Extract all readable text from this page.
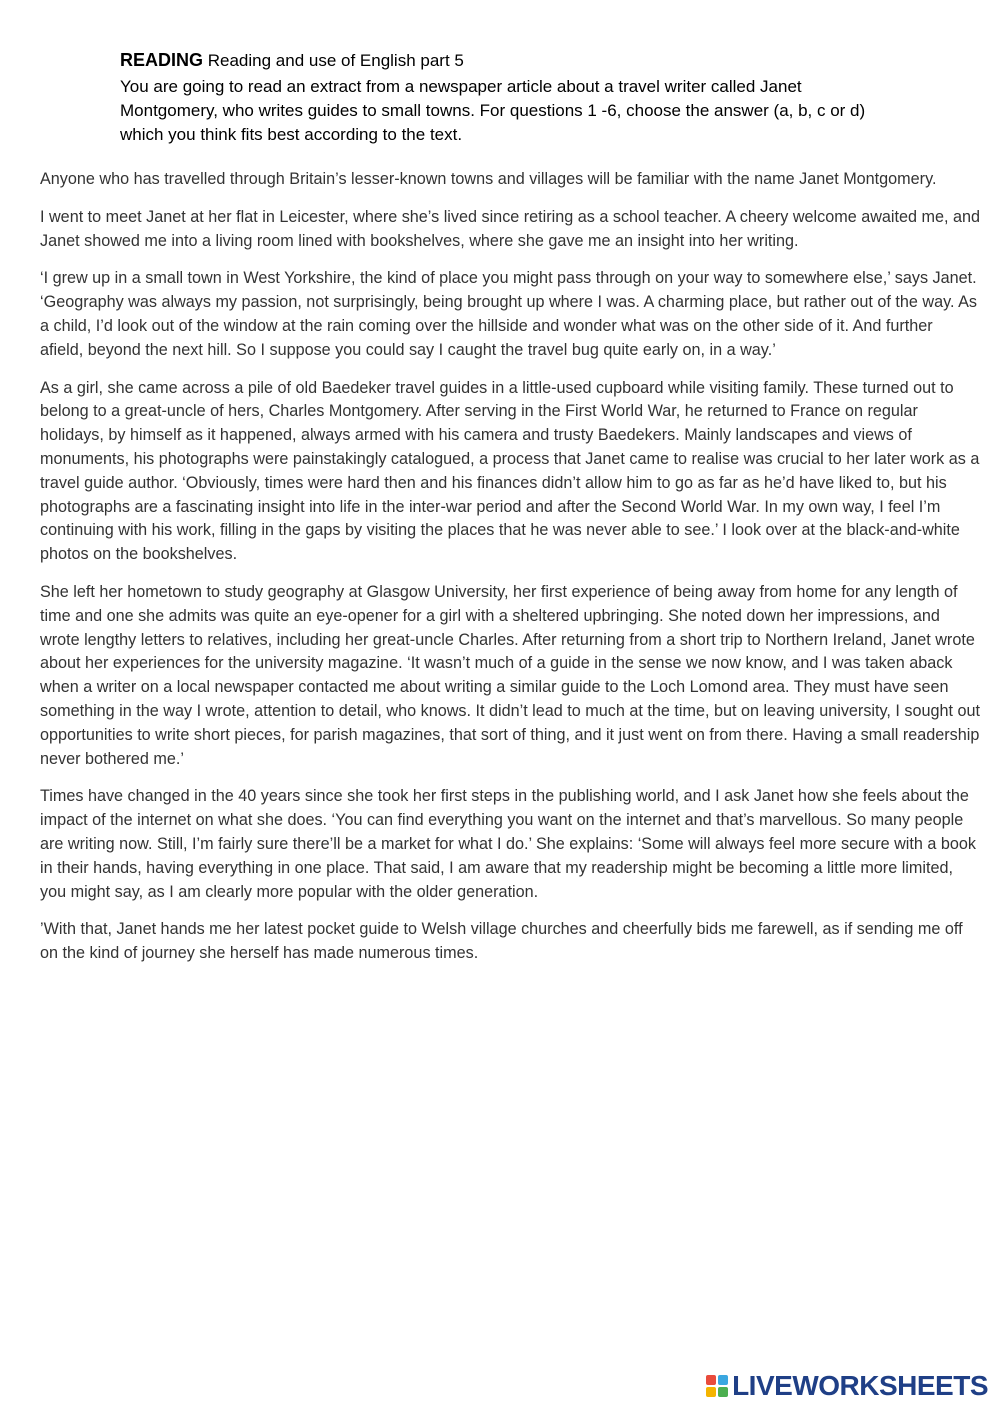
READING Reading and use of English part 5

You are going to read an extract from a newspaper article about a travel writer called Janet Montgomery, who writes guides to small towns. For questions 1 -6, choose the answer (a, b, c or d) which you think fits best according to the text.

Anyone who has travelled through Britain’s lesser-known towns and villages will be familiar with the name Janet Montgomery.

I went to meet Janet at her flat in Leicester, where she’s lived since retiring as a school teacher. A cheery welcome awaited me, and Janet showed me into a living room lined with bookshelves, where she gave me an insight into her writing.

‘I grew up in a small town in West Yorkshire, the kind of place you might pass through on your way to somewhere else,’ says Janet. ‘Geography was always my passion, not surprisingly, being brought up where I was. A charming place, but rather out of the way. As a child, I’d look out of the window at the rain coming over the hillside and wonder what was on the other side of it. And further afield, beyond the next hill. So I suppose you could say I caught the travel bug quite early on, in a way.’

As a girl, she came across a pile of old Baedeker travel guides in a little-used cupboard while visiting family. These turned out to belong to a great-uncle of hers, Charles Montgomery. After serving in the First World War, he returned to France on regular holidays, by himself as it happened, always armed with his camera and trusty Baedekers. Mainly landscapes and views of monuments, his photographs were painstakingly catalogued, a process that Janet came to realise was crucial to her later work as a travel guide author. ‘Obviously, times were hard then and his finances didn’t allow him to go as far as he’d have liked to, but his photographs are a fascinating insight into life in the inter-war period and after the Second World War. In my own way, I feel I’m continuing with his work, filling in the gaps by visiting the places that he was never able to see.’ I look over at the black-and-white photos on the bookshelves.

She left her hometown to study geography at Glasgow University, her first experience of being away from home for any length of time and one she admits was quite an eye-opener for a girl with a sheltered upbringing. She noted down her impressions, and wrote lengthy letters to relatives, including her great-uncle Charles. After returning from a short trip to Northern Ireland, Janet wrote about her experiences for the university magazine. ‘It wasn’t much of a guide in the sense we now know, and I was taken aback when a writer on a local newspaper contacted me about writing a similar guide to the Loch Lomond area. They must have seen something in the way I wrote, attention to detail, who knows. It didn’t lead to much at the time, but on leaving university, I sought out opportunities to write short pieces, for parish magazines, that sort of thing, and it just went on from there. Having a small readership never bothered me.’

Times have changed in the 40 years since she took her first steps in the publishing world, and I ask Janet how she feels about the impact of the internet on what she does. ‘You can find everything you want on the internet and that’s marvellous. So many people are writing now. Still, I’m fairly sure there’ll be a market for what I do.’ She explains: ‘Some will always feel more secure with a book in their hands, having everything in one place. That said, I am aware that my readership might be becoming a little more limited, you might say, as I am clearly more popular with the older generation.

’With that, Janet hands me her latest pocket guide to Welsh village churches and cheerfully bids me farewell, as if sending me off on the kind of journey she herself has made numerous times.

LIVEWORKSHEETS
